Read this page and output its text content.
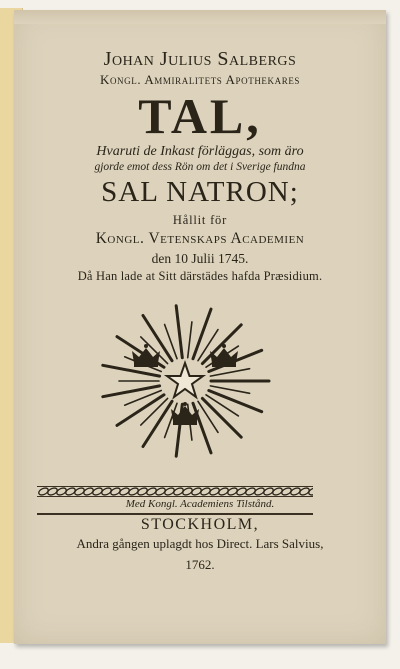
Johan Julius Salbergs
Kongl. Ammiralitets Apothekares
TAL,
Hvaruti de Inkast förläggas, som äro
gjorde emot dess Rön om det i Sverige fundna
SAL NATRON;
Hållit för
Kongl. Vetenskaps Academien
den 10 Julii 1745.
Då Han lade at Sitt därstädes hafda Præsidium.
Med Kongl. Academiens Tilstånd.
STOCKHOLM,
Andra gången uplagdt hos Direct. Lars Salvius,
1762.
